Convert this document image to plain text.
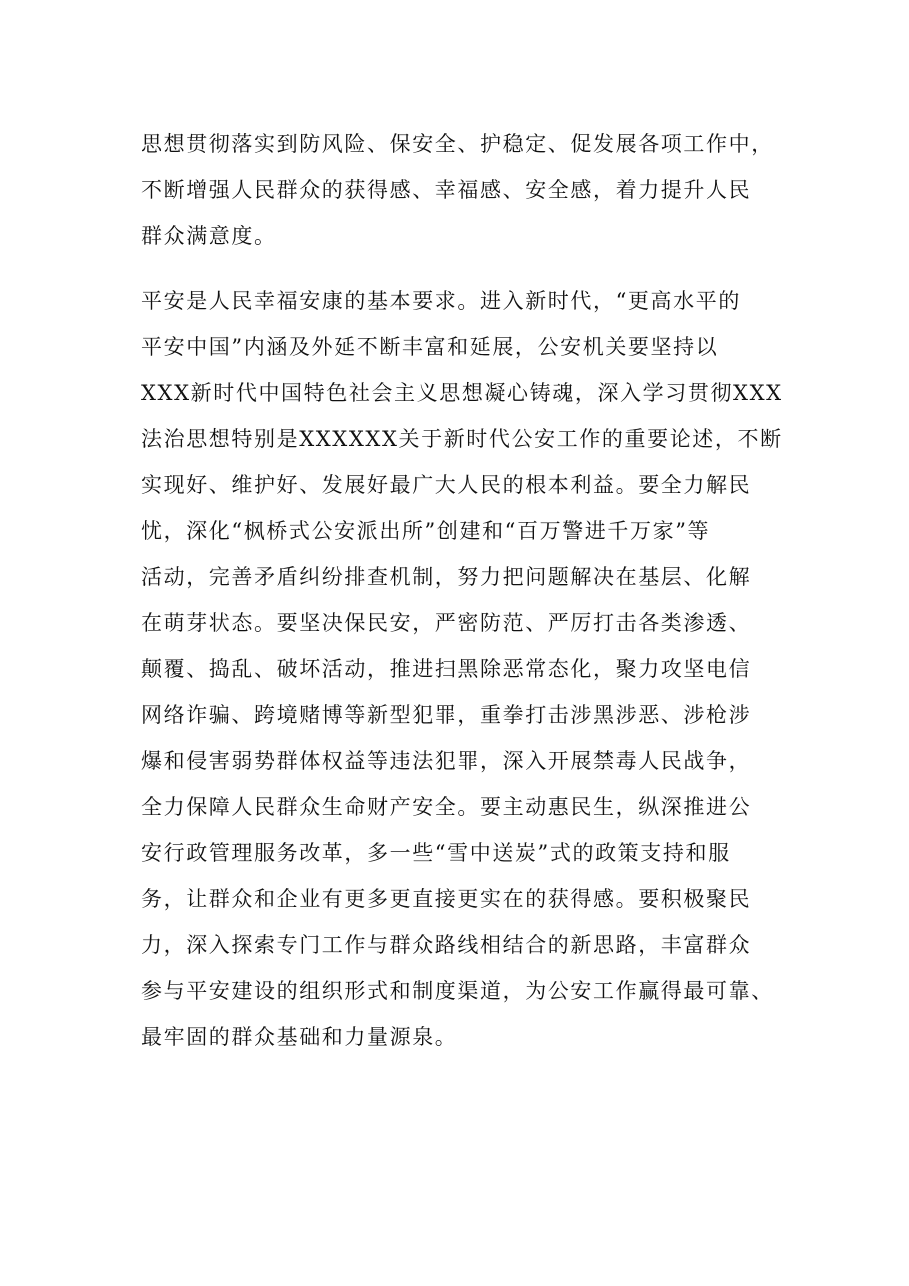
思想贯彻落实到防风险、保安全、护稳定、促发展各项工作中，
不断增强人民群众的获得感、幸福感、安全感，着力提升人民
群众满意度。
平安是人民幸福安康的基本要求。进入新时代，“更高水平的
平安中国”内涵及外延不断丰富和延展，公安机关要坚持以
XXX新时代中国特色社会主义思想凝心铸魂，深入学习贯彻XXX
法治思想特别是XXXXXX关于新时代公安工作的重要论述，不断
实现好、维护好、发展好最广大人民的根本利益。要全力解民
忧，深化“枫桥式公安派出所”创建和“百万警进千万家”等
活动，完善矛盾纠纷排查机制，努力把问题解决在基层、化解
在萌芽状态。要坚决保民安，严密防范、严厉打击各类渗透、
颠覆、捣乱、破坏活动，推进扫黑除恶常态化，聚力攻坚电信
网络诈骗、跨境赌博等新型犯罪，重拳打击涉黑涉恶、涉枪涉
爆和侵害弱势群体权益等违法犯罪，深入开展禁毒人民战争，
全力保障人民群众生命财产安全。要主动惠民生，纵深推进公
安行政管理服务改革，多一些“雪中送炭”式的政策支持和服
务，让群众和企业有更多更直接更实在的获得感。要积极聚民
力，深入探索专门工作与群众路线相结合的新思路，丰富群众
参与平安建设的组织形式和制度渠道，为公安工作赢得最可靠、
最牢固的群众基础和力量源泉。
